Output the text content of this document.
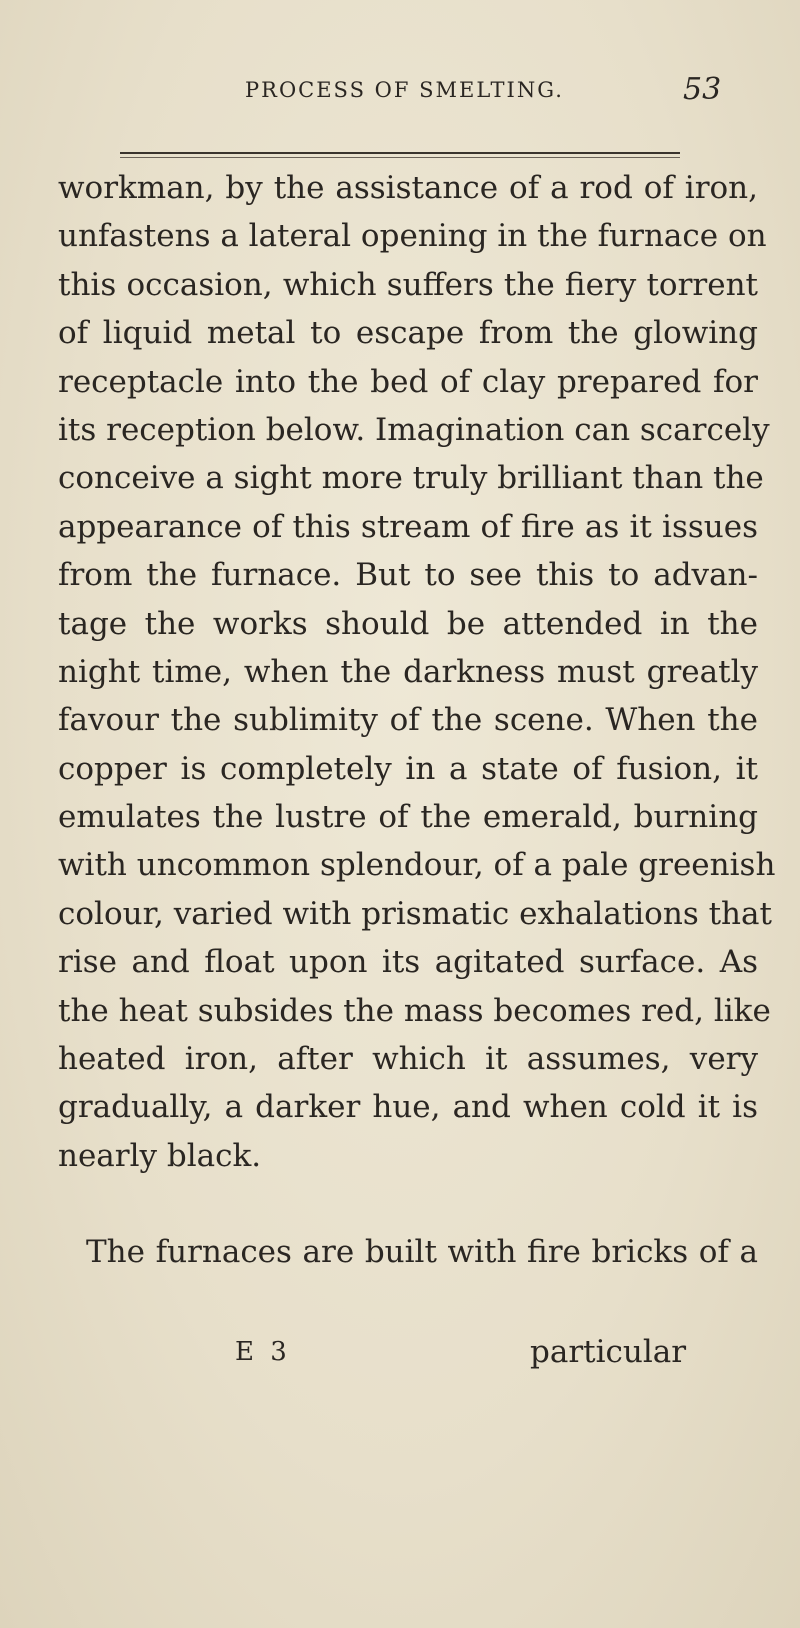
PROCESS OF SMELTING.	53
workman, by the assistance of a rod of iron,
unfastens a lateral opening in the furnace on
this occasion, which suffers the fiery torrent
of liquid metal to escape from the glowing
receptacle into the bed of clay prepared for
its reception below. Imagination can scarcely
conceive a sight more truly brilliant than the
appearance of this stream of fire as it issues
from the furnace. But to see this to advan-
tage the works should be attended in the
night time, when the darkness must greatly
favour the sublimity of the scene. When the
copper is completely in a state of fusion, it
emulates the lustre of the emerald, burning
with uncommon splendour, of a pale greenish
colour, varied with prismatic exhalations that
rise and float upon its agitated surface. As
the heat subsides the mass becomes red, like
heated iron, after which it assumes, very
gradually, a darker hue, and when cold it is
nearly black.
The furnaces are built with fire bricks of a
E 3	particular
